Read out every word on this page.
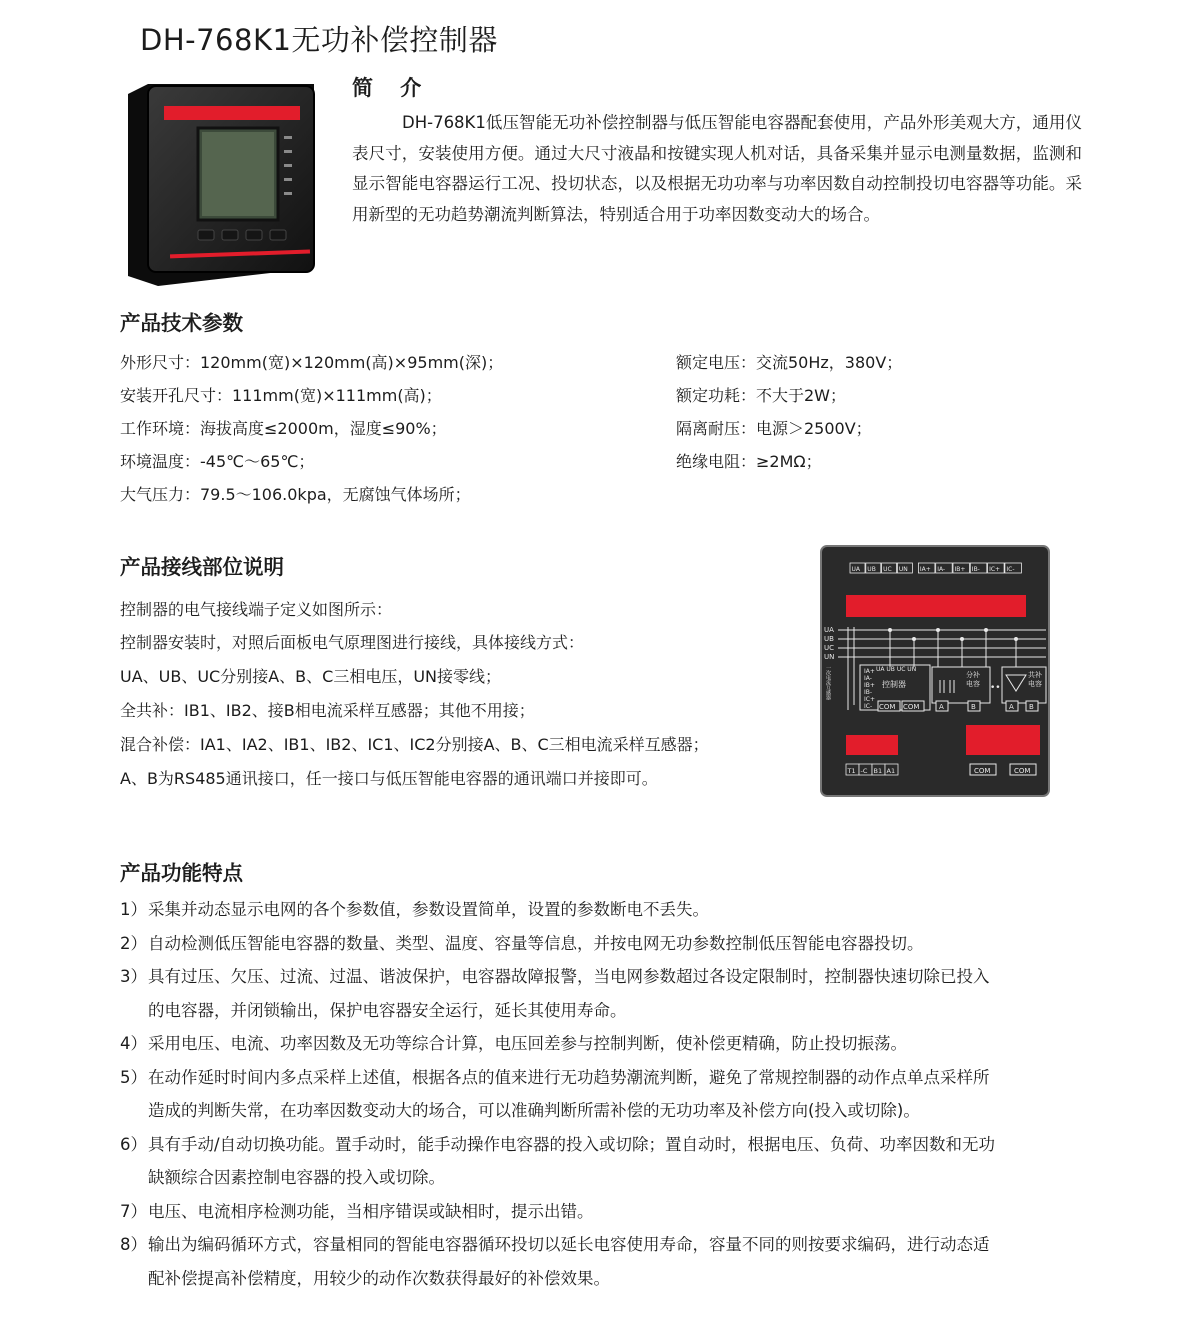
DH-768K1无功补偿控制器
简 介
DH-768K1低压智能无功补偿控制器与低压智能电容器配套使用，产品外形美观大方，通用仪表尺寸，安装使用方便。通过大尺寸液晶和按键实现人机对话，具备采集并显示电测量数据，监测和显示智能电容器运行工况、投切状态，以及根据无功功率与功率因数自动控制投切电容器等功能。采用新型的无功趋势潮流判断算法，特别适合用于功率因数变动大的场合。
产品技术参数
外形尺寸：120mm(宽)×120mm(高)×95mm(深)；
安装开孔尺寸：111mm(宽)×111mm(高)；
工作环境：海拔高度≤2000m，湿度≤90%；
环境温度：-45℃～65℃；
大气压力：79.5～106.0kpa，无腐蚀气体场所；
额定电压：交流50Hz，380V；
额定功耗：不大于2W；
隔离耐压：电源＞2500V；
绝缘电阻：≥2MΩ；
产品接线部位说明
控制器的电气接线端子定义如图所示：
控制器安装时，对照后面板电气原理图进行接线，具体接线方式：
UA、UB、UC分别接A、B、C三相电压，UN接零线；
全共补：IB1、IB2、接B相电流采样互感器；其他不用接；
混合补偿：IA1、IA2、IB1、IB2、IC1、IC2分别接A、B、C三相电流采样互感器；
A、B为RS485通讯接口，任一接口与低压智能电容器的通讯端口并接即可。
UA UB UC UN IA+ IA- IB+ IB- IC+ IC-
UA
UB
UC
UN
UA UB UC UN
控制器
IA+
IA-
IB+
IB-
IC+
IC- COM COM
分补
电容
A	B
••
共补
电容
A B
一次电流互感器
T1 -C B1 A1	COM	COM
产品功能特点
1）采集并动态显示电网的各个参数值，参数设置简单，设置的参数断电不丢失。
2）自动检测低压智能电容器的数量、类型、温度、容量等信息，并按电网无功参数控制低压智能电容器投切。
3）具有过压、欠压、过流、过温、谐波保护，电容器故障报警，当电网参数超过各设定限制时，控制器快速切除已投入
的电容器，并闭锁输出，保护电容器安全运行，延长其使用寿命。
4）采用电压、电流、功率因数及无功等综合计算，电压回差参与控制判断，使补偿更精确，防止投切振荡。
5）在动作延时时间内多点采样上述值，根据各点的值来进行无功趋势潮流判断，避免了常规控制器的动作点单点采样所
造成的判断失常，在功率因数变动大的场合，可以准确判断所需补偿的无功功率及补偿方向(投入或切除)。
6）具有手动/自动切换功能。置手动时，能手动操作电容器的投入或切除；置自动时，根据电压、负荷、功率因数和无功
缺额综合因素控制电容器的投入或切除。
7）电压、电流相序检测功能，当相序错误或缺相时，提示出错。
8）输出为编码循环方式，容量相同的智能电容器循环投切以延长电容使用寿命，容量不同的则按要求编码，进行动态适
配补偿提高补偿精度，用较少的动作次数获得最好的补偿效果。
